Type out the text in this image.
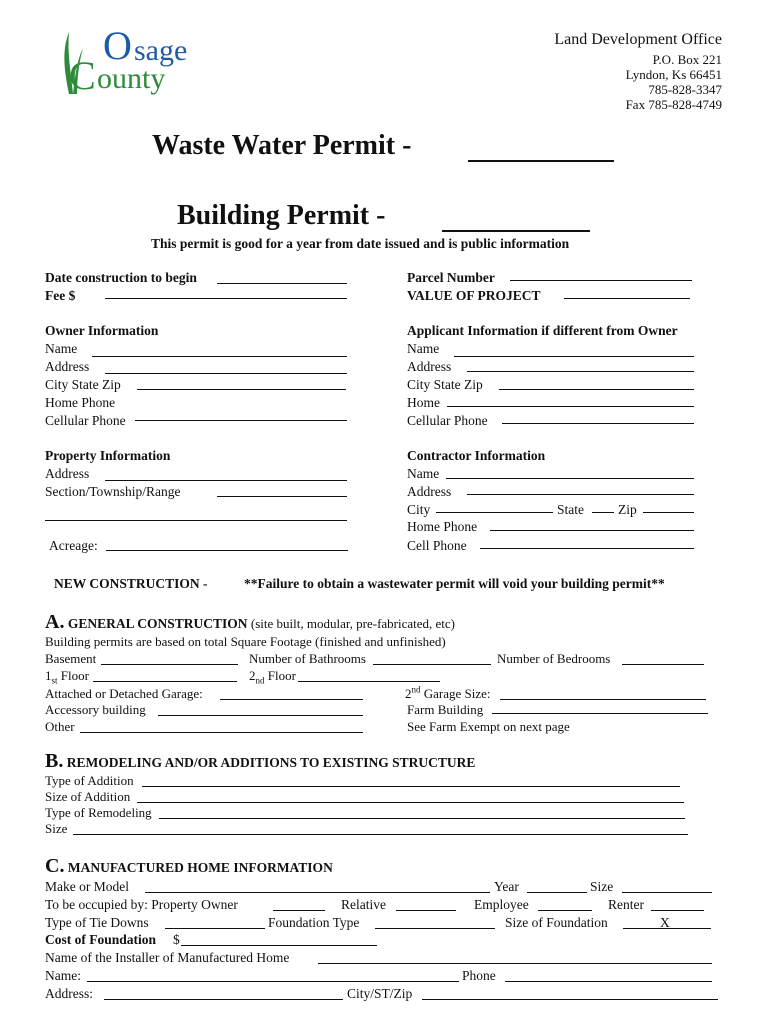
O sage
C ounty
Land Development Office
P.O. Box 221
Lyndon, Ks 66451
785-828-3347
Fax 785-828-4749
Waste Water Permit -
Building Permit -
This permit is good for a year from date issued and is public information
Date construction to begin
Fee $
Parcel Number
VALUE OF PROJECT
Owner Information
Name
Address
City State Zip
Home Phone
Cellular Phone
Applicant Information if different from Owner
Name
Address
City State Zip
Home
Cellular Phone
Property Information
Address
Section/Township/Range
Acreage:
Contractor Information
Name
Address
City	State	Zip
Home Phone
Cell Phone
NEW CONSTRUCTION -	**Failure to obtain a wastewater permit will void your building permit**
A. GENERAL CONSTRUCTION (site built, modular, pre-fabricated, etc)
Building permits are based on total Square Footage (finished and unfinished)
Basement	Number of Bathrooms	Number of Bedrooms
$1_{st}$ Floor	$2_{nd}$ Floor
Attached or Detached Garage:	2nd Garage Size:
Accessory building	Farm Building
Other	See Farm Exempt on next page
B. REMODELING AND/OR ADDITIONS TO EXISTING STRUCTURE
Type of Addition
Size of Addition
Type of Remodeling
Size
C. MANUFACTURED HOME INFORMATION
Make or Model	Year	Size
To be occupied by: Property Owner	Relative	Employee	Renter
Type of Tie Downs	Foundation Type	Size of Foundation	X
Cost of Foundation $
Name of the Installer of Manufactured Home
Name:	Phone
Address:	City/ST/Zip
